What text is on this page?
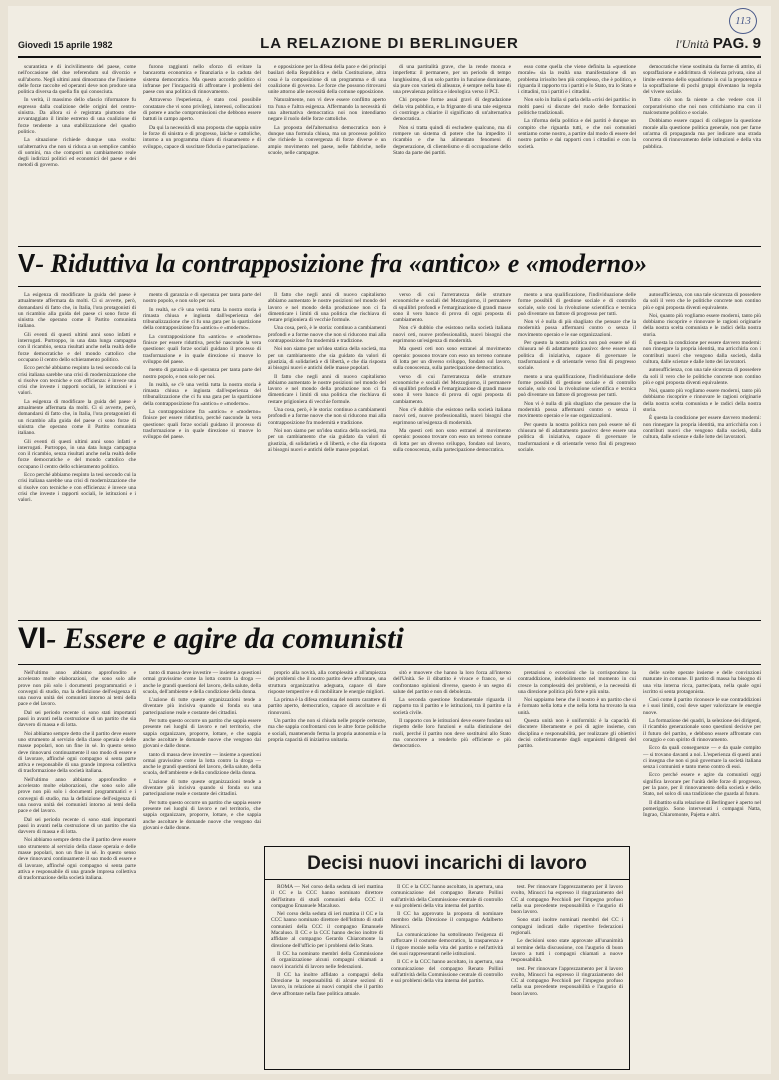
113
Giovedì 15 aprile 1982	LA RELAZIONE DI BERLINGUER	l'Unità PAG. 9

scurantista e di incivilimento del paese, come nell'occasione del due referendum sul divorzio e sull'aborto. Negli ultimi anni dimostrano che l'insieme delle forze raccolte ed operanti deve non produce una politica diversa da quella fin qui conosciuta.

In verità, il massimo dello sfascio riformatore fu espresso dalla coalizione delle origini del centro-sinistra. Da allora si è registrata piuttosto che avvantaggiato il limite estremo di una coalizione di forze tendente a una stabilizzazione del quadro politico.

La situazione richiede dunque una svolta: un'alternativa che non si riduca a un semplice cambio di uomini, ma che comporti un cambiamento reale degli indirizzi politici ed economici del paese e dei metodi di governo.

furono raggiunti nello sforzo di evitare la bancarotta economica e finanziaria e la caduta del sistema democratico. Ma questo accordo politico si infranse per l'incapacità di affrontare i problemi del paese con una politica di rinnovamento.

Attraverso l'esperienza, è stato così possibile constatare che vi sono privilegi, interessi, collocazioni di potere e anche compromissioni che debbono essere battuti in campo aperto.

Da qui la necessità di una proposta che sappia unire le forze di sinistra e di progresso, laiche e cattoliche, intorno a un programma chiaro di risanamento e di sviluppo, capace di suscitare fiducia e partecipazione.

e opposizione per la difesa della pace e dei principi basilari della Repubblica e della Costituzione, altra cosa è la composizione di un programma e di una coalizione di governo. Le forze che possono ritrovarsi unite attorno alle necessità della comune opposizione.

Naturalmente, non vi deve essere conflitto aperto tra l'una e l'altra esigenza. Affermando la necessità di una alternativa democratica noi non intendiamo negare il ruolo delle forze cattoliche.

La proposta dell'alternativa democratica non è dunque una formula chiusa, ma un processo politico che richiede la convergenza di forze diverse e un ampio movimento nel paese, nelle fabbriche, nelle scuole, nelle campagne.

di una partitalità grave, che la rende monca e imperfetta: il permanere, per un periodo di tempo lunghissimo, di un solo partito in funzione dominante, sia pure con varietà di alleanze, è sempre nella base di una prevalenza politica e ideologica verso il PCI.

Chi propone forme assai gravi di degradazione della vita pubblica, e la frignante di una tale esigenza ci costringe a chiarire il significato di un'alternativa democratica.

Non si tratta quindi di escludere qualcuno, ma di rompere un sistema di potere che ha impedito il ricambio e che ha alimentato fenomeni di degenerazione, di clientelismo e di occupazione dello Stato da parte dei partiti.

esso come quella che viene definita la «questione morale» sia la realtà una manifestazione di un problema irrisolto ben più complesso, che è politico, e riguarda il rapporto tra i partiti e lo Stato, tra lo Stato e i cittadini, tra i partiti e i cittadini.

Non solo in Italia si parla della «crisi dei partiti»: in molti paesi si discute del ruolo delle formazioni politiche tradizionali.

La riforma della politica e dei partiti è dunque un compito che riguarda tutti, e che noi comunisti sentiamo come nostro, a partire dal modo di essere del nostro partito e dai rapporti con i cittadini e con la società.

democratiche viene sostituita da forme di attrito, di sopraffazione e addirittura di violenza privata, sino al limite estremo dello squadrismo in cui la prepotenza e la sopraffazione di pochi gruppi diventano la regola del vivere sociale.

Tutto ciò non fa niente a che vedere con il corporativismo che noi non critichiamo ma con il malcostume politico e sociale.

Dobbiamo essere capaci di collegare la questione morale alla questione politica generale, non per farne un'arma di propaganda ma per indicare una strada concreta di rinnovamento delle istituzioni e della vita pubblica.

V- Riduttiva la contrapposizione fra «antico» e «moderno»

La esigenza di modificare la guida del paese è attualmente affermata da molti. Ci si avverte, però, domandarsi di fatto che, in Italia, l'ora protagonisti di un ricambio alla guida del paese ci sono forze di sinistra che operano come il Partito comunista italiano.

Gli eventi di questi ultimi anni sono infatti e interrogati. Purtroppo, in una data lunga campagna con il ricambio, senza risultati anche nella realtà delle forze democratiche e del mondo cattolico che occupano il centro dello schieramento politico.

Ecco perché abbiamo respinto la tesi secondo cui la crisi italiana sarebbe una crisi di modernizzazione che si risolve con tecniche e con efficienza: è invece una crisi che investe i rapporti sociali, le istituzioni e i valori.

La esigenza di modificare la guida del paese è attualmente affermata da molti. Ci si avverte, però, domandarsi di fatto che, in Italia, l'ora protagonisti di un ricambio alla guida del paese ci sono forze di sinistra che operano come il Partito comunista italiano.

Gli eventi di questi ultimi anni sono infatti e interrogati. Purtroppo, in una data lunga campagna con il ricambio, senza risultati anche nella realtà delle forze democratiche e del mondo cattolico che occupano il centro dello schieramento politico.

Ecco perché abbiamo respinto la tesi secondo cui la crisi italiana sarebbe una crisi di modernizzazione che si risolve con tecniche e con efficienza: è invece una crisi che investe i rapporti sociali, le istituzioni e i valori.

mento di garanzia e di speranza per tanta parte del nostro popolo, e non solo per noi.

In realtà, se c'è una verità tutta la nostra storia è rimasta chiusa e ingiusta dall'esperienza del tribunalizzazione che ci fu una gara per la spartizione della contrapposizione fra «antico» e «moderno».

La contrapposizione fra «antico» e «moderno» finisce per essere riduttiva, perché nasconde la vera questione: quali forze sociali guidano il processo di trasformazione e in quale direzione si muove lo sviluppo del paese.

mento di garanzia e di speranza per tanta parte del nostro popolo, e non solo per noi.

In realtà, se c'è una verità tutta la nostra storia è rimasta chiusa e ingiusta dall'esperienza del tribunalizzazione che ci fu una gara per la spartizione della contrapposizione fra «antico» e «moderno».

La contrapposizione fra «antico» e «moderno» finisce per essere riduttiva, perché nasconde la vera questione: quali forze sociali guidano il processo di trasformazione e in quale direzione si muove lo sviluppo del paese.

Il fatto che negli anni di nuovo capitalismo abbiamo aumentato le nostre posizioni nel mondo del lavoro e nel mondo della produzione non ci fa dimenticare i limiti di una politica che rischiava di restare prigioniera di vecchie formule.

Una cosa, però, è le storia: continuo a cambiamenti profondi e a forme nuove che non si riducono mai alla contrapposizione fra modernità e tradizione.

Noi non siamo per un'idea statica della società, ma per un cambiamento che sia guidato da valori di giustizia, di solidarietà e di libertà, e che dia risposta ai bisogni nuovi e antichi delle masse popolari.

Il fatto che negli anni di nuovo capitalismo abbiamo aumentato le nostre posizioni nel mondo del lavoro e nel mondo della produzione non ci fa dimenticare i limiti di una politica che rischiava di restare prigioniera di vecchie formule.

Una cosa, però, è le storia: continuo a cambiamenti profondi e a forme nuove che non si riducono mai alla contrapposizione fra modernità e tradizione.

Noi non siamo per un'idea statica della società, ma per un cambiamento che sia guidato da valori di giustizia, di solidarietà e di libertà, e che dia risposta ai bisogni nuovi e antichi delle masse popolari.

verso di cui l'arretratezza delle strutture economiche e sociali del Mezzogiorno, il permanere di squilibri profondi e l'emarginazione di grandi masse sono il vero banco di prova di ogni proposta di cambiamento.

Non c'è dubbio che esistono nella società italiana nuovi ceti, nuove professionalità, nuovi bisogni che esprimono un'esigenza di modernità.

Ma questi ceti non sono estranei al movimento operaio: possono trovare con esso un terreno comune di lotta per un diverso sviluppo, fondato sul lavoro, sulla conoscenza, sulla partecipazione democratica.

verso di cui l'arretratezza delle strutture economiche e sociali del Mezzogiorno, il permanere di squilibri profondi e l'emarginazione di grandi masse sono il vero banco di prova di ogni proposta di cambiamento.

Non c'è dubbio che esistono nella società italiana nuovi ceti, nuove professionalità, nuovi bisogni che esprimono un'esigenza di modernità.

Ma questi ceti non sono estranei al movimento operaio: possono trovare con esso un terreno comune di lotta per un diverso sviluppo, fondato sul lavoro, sulla conoscenza, sulla partecipazione democratica.

mento a una qualificazione, l'individuazione delle forme possibili di gestione sociale e di controllo sociale, solo così la rivoluzione scientifica e tecnica può diventare un fattore di progresso per tutti.

Non vi è nulla di più sbagliato che pensare che la modernità possa affermarsi contro o senza il movimento operaio e le sue organizzazioni.

Per questo la nostra politica non può essere né di chiusura né di adattamento passivo: deve essere una politica di iniziativa, capace di governare le trasformazioni e di orientarle verso fini di progresso sociale.

mento a una qualificazione, l'individuazione delle forme possibili di gestione sociale e di controllo sociale, solo così la rivoluzione scientifica e tecnica può diventare un fattore di progresso per tutti.

Non vi è nulla di più sbagliato che pensare che la modernità possa affermarsi contro o senza il movimento operaio e le sue organizzazioni.

Per questo la nostra politica non può essere né di chiusura né di adattamento passivo: deve essere una politica di iniziativa, capace di governare le trasformazioni e di orientarle verso fini di progresso sociale.

autosufficienza, con una tale sicurezza di possedere da soli il vero che le politiche concrete non contino più e ogni proposta diventi equivalente.

Noi, quanto più vogliamo essere moderni, tanto più dobbiamo riscoprire e rinnovare le ragioni originarie della nostra scelta comunista e le radici della nostra storia.

È questa la condizione per essere davvero moderni: non rinnegare la propria identità, ma arricchirla con i contributi nuovi che vengono dalla società, dalla cultura, dalle scienze e dalle lotte dei lavoratori.

autosufficienza, con una tale sicurezza di possedere da soli il vero che le politiche concrete non contino più e ogni proposta diventi equivalente.

Noi, quanto più vogliamo essere moderni, tanto più dobbiamo riscoprire e rinnovare le ragioni originarie della nostra scelta comunista e le radici della nostra storia.

È questa la condizione per essere davvero moderni: non rinnegare la propria identità, ma arricchirla con i contributi nuovi che vengono dalla società, dalla cultura, dalle scienze e dalle lotte dei lavoratori.

VI- Essere e agire da comunisti

Nell'ultimo anno abbiamo approfondito e accelerato molte elaborazioni, che sono solo alle prove non più solo i documenti programmatici e i convegni di studio, ma la definizione dell'esigenza di una nuova unità dei comunisti intorno ai temi della pace e del lavoro.

Dal sei periodo recente ci sono stati importanti passi in avanti nella costruzione di un partito che sia davvero di massa e di lotta.

Noi abbiamo sempre detto che il partito deve essere uno strumento al servizio della classe operaia e delle masse popolari, non un fine in sé. In questo senso deve rinnovarsi continuamente il suo modo di essere e di lavorare, affinché ogni compagno si senta parte attiva e responsabile di una grande impresa collettiva di trasformazione della società italiana.

Nell'ultimo anno abbiamo approfondito e accelerato molte elaborazioni, che sono solo alle prove non più solo i documenti programmatici e i convegni di studio, ma la definizione dell'esigenza di una nuova unità dei comunisti intorno ai temi della pace e del lavoro.

Dal sei periodo recente ci sono stati importanti passi in avanti nella costruzione di un partito che sia davvero di massa e di lotta.

Noi abbiamo sempre detto che il partito deve essere uno strumento al servizio della classe operaia e delle masse popolari, non un fine in sé. In questo senso deve rinnovarsi continuamente il suo modo di essere e di lavorare, affinché ogni compagno si senta parte attiva e responsabile di una grande impresa collettiva di trasformazione della società italiana.

tanto di massa deve investire — insieme a questioni ormai gravissime come la lotta contro la droga — anche le grandi questioni del lavoro, della salute, della scuola, dell'ambiente e della condizione della donna.

L'azione di tutte queste organizzazioni tende a diventare più incisiva quando si fonda su una partecipazione reale e costante dei cittadini.

Per tutto questo occorre un partito che sappia essere presente nei luoghi di lavoro e nel territorio, che sappia organizzare, proporre, lottare, e che sappia anche ascoltare le domande nuove che vengono dai giovani e dalle donne.

tanto di massa deve investire — insieme a questioni ormai gravissime come la lotta contro la droga — anche le grandi questioni del lavoro, della salute, della scuola, dell'ambiente e della condizione della donna.

L'azione di tutte queste organizzazioni tende a diventare più incisiva quando si fonda su una partecipazione reale e costante dei cittadini.

Per tutto questo occorre un partito che sappia essere presente nei luoghi di lavoro e nel territorio, che sappia organizzare, proporre, lottare, e che sappia anche ascoltare le domande nuove che vengono dai giovani e dalle donne.

proprio alla novità, alla complessità e all'ampiezza dei problemi che il nostro partito deve affrontare, una struttura organizzativa adeguata, capace di dare risposte tempestive e di mobilitare le energie migliori.

La prima è la difesa continua del nostro carattere di partito aperto, democratico, capace di ascoltare e di rinnovarsi.

Un partito che non si chiuda nelle proprie certezze, ma che sappia confrontarsi con le altre forze politiche e sociali, mantenendo ferma la propria autonomia e la propria capacità di iniziativa unitaria.

sitò e muovere che hanno la loro forza all'interno dell'Unità. Se il dibattito è vivace e franco, se si confrontano opinioni diverse, questo è un segno di salute del partito e non di debolezza.

La seconda questione fondamentale riguarda il rapporto tra il partito e le istituzioni, tra il partito e la società civile.

Il rapporto con le istituzioni deve essere fondato sul rispetto delle loro funzioni e sulla distinzione dei ruoli, perché il partito non deve sostituirsi allo Stato ma concorrere a renderlo più efficiente e più democratico.

pretazioni o eccezioni che la corrispondono la contraddizione, indebolimento nel momento in cui cresce la complessità dei problemi, e la necessità di una direzione politica più forte e più unita.

Noi sappiamo bene che il nostro è un partito che si è formato nella lotta e che nella lotta ha trovato la sua unità.

Questa unità non è uniformità: è la capacità di discutere liberamente e poi di agire insieme, con disciplina e responsabilità, per realizzare gli obiettivi decisi collettivamente dagli organismi dirigenti del partito.

delle scelte operate insieme e delle convinzioni maturate in comune. Il partito di massa ha bisogno di una vita interna ricca, partecipata, nella quale ogni iscritto si senta protagonista.

Così come il partito riconosce le sue contraddizioni e i suoi limiti, così deve saper valorizzare le energie nuove.

La formazione dei quadri, la selezione dei dirigenti, il ricambio generazionale sono questioni decisive per il futuro del partito, e debbono essere affrontate con coraggio e con spirito di rinnovamento.

Ecco da quali conseguenze — e da quale compito — si trovano davanti a noi. L'esperienza di questi anni ci insegna che non si può governare la società italiana senza i comunisti e tanto meno contro di essi.

Ecco perché essere e agire da comunisti oggi significa lavorare per l'unità delle forze di progresso, per la pace, per il rinnovamento della società e dello Stato, nel solco di una tradizione che guarda al futuro.

Il dibattito sulla relazione di Berlinguer è aperto nel pomeriggio. Sono intervenuti i compagni Natta, Ingrao, Chiaromonte, Pajetta e altri.

Decisi nuovi incarichi di lavoro

ROMA — Nel corso della seduta di ieri mattina il CC e la CCC hanno nominato direttore dell'Istituto di studi comunisti della CCC il compagno Emanuele Macaluso.

Nel corso della seduta di ieri mattina il CC e la CCC hanno nominato direttore dell'Istituto di studi comunisti della CCC il compagno Emanuele Macaluso. Il CC e la CCC hanno deciso inoltre di affidare al compagno Gerardo Chiaromonte la direzione dell'ufficio per i problemi dello Stato.

Il CC ha nominato membri della Commissione di organizzazione alcuni compagni chiamati a nuovi incarichi di lavoro nelle federazioni.

Il CC ha inoltre affidato a compagni della Direzione la responsabilità di alcune sezioni di lavoro, in relazione ai nuovi compiti che il partito deve affrontare nella fase politica attuale.

Il CC e la CCC hanno ascoltato, in apertura, una comunicazione del compagno Renato Pollini sull'attività della Commissione centrale di controllo e sui problemi della vita interna del partito.

Il CC ha approvato la proposta di nominare membro della Direzione il compagno Adalberto Minucci.

La comunicazione ha sottolineato l'esigenza di rafforzare il costume democratico, la trasparenza e il rigore morale nella vita del partito e nell'attività dei suoi rappresentanti nelle istituzioni.

Il CC e la CCC hanno ascoltato, in apertura, una comunicazione del compagno Renato Pollini sull'attività della Commissione centrale di controllo e sui problemi della vita interna del partito.

test. Per rinnovare l'apprezzamento per il lavoro svolto, Minucci ha espresso il ringraziamento del CC al compagno Pecchioli per l'impegno profuso nella sua precedente responsabilità e l'augurio di buon lavoro.

Sono stati inoltre nominati membri del CC i compagni indicati dalle rispettive federazioni regionali.

Le decisioni sono state approvate all'unanimità al termine della discussione, con l'augurio di buon lavoro a tutti i compagni chiamati a nuove responsabilità.

test. Per rinnovare l'apprezzamento per il lavoro svolto, Minucci ha espresso il ringraziamento del CC al compagno Pecchioli per l'impegno profuso nella sua precedente responsabilità e l'augurio di buon lavoro.
